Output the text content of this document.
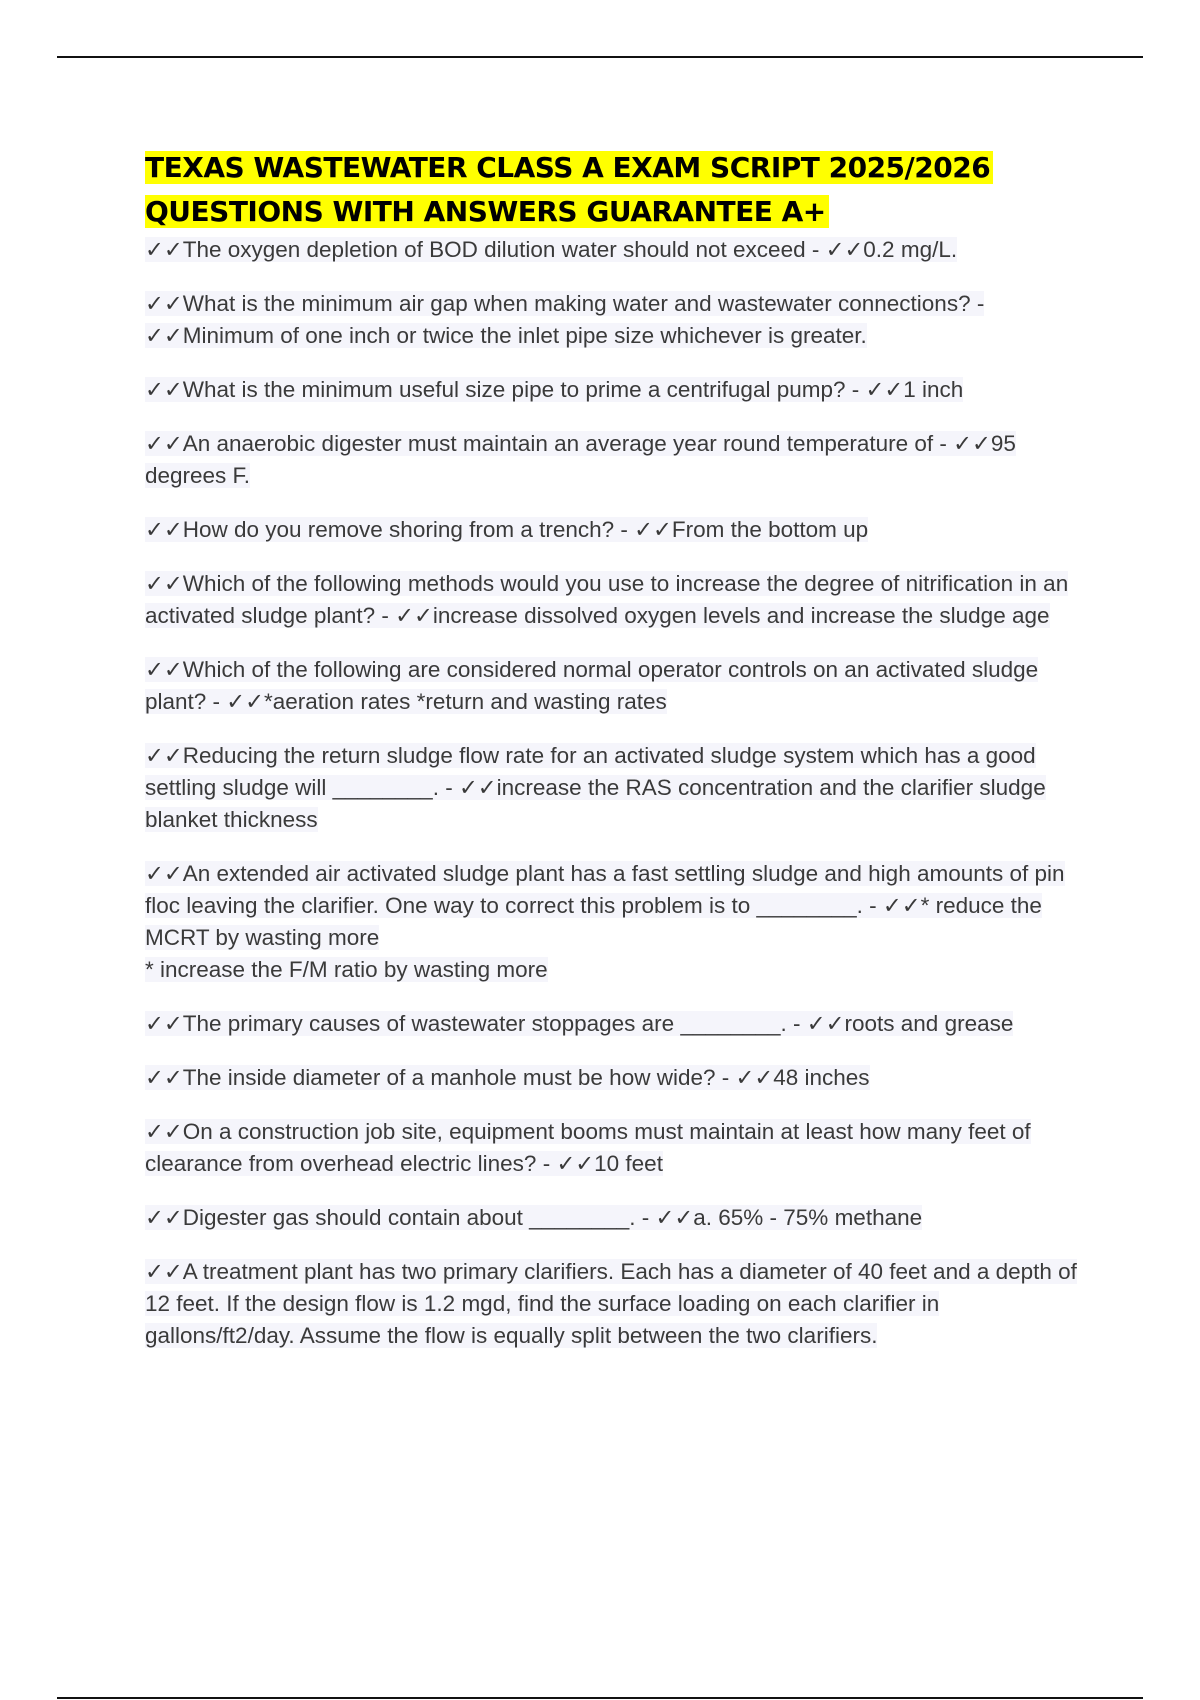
TEXAS WASTEWATER CLASS A EXAM SCRIPT 2025/2026
QUESTIONS WITH ANSWERS GUARANTEE A+
✓✓The oxygen depletion of BOD dilution water should not exceed - ✓✓0.2 mg/L.
✓✓What is the minimum air gap when making water and wastewater connections? - ✓✓Minimum of one inch or twice the inlet pipe size whichever is greater.
✓✓What is the minimum useful size pipe to prime a centrifugal pump? - ✓✓1 inch
✓✓An anaerobic digester must maintain an average year round temperature of - ✓✓95 degrees F.
✓✓How do you remove shoring from a trench? - ✓✓From the bottom up
✓✓Which of the following methods would you use to increase the degree of nitrification in an activated sludge plant? - ✓✓increase dissolved oxygen levels and increase the sludge age
✓✓Which of the following are considered normal operator controls on an activated sludge plant? - ✓✓*aeration rates *return and wasting rates
✓✓Reducing the return sludge flow rate for an activated sludge system which has a good settling sludge will ________. - ✓✓increase the RAS concentration and the clarifier sludge blanket thickness
✓✓An extended air activated sludge plant has a fast settling sludge and high amounts of pin floc leaving the clarifier. One way to correct this problem is to ________. - ✓✓* reduce the MCRT by wasting more
* increase the F/M ratio by wasting more
✓✓The primary causes of wastewater stoppages are ________. - ✓✓roots and grease
✓✓The inside diameter of a manhole must be how wide? - ✓✓48 inches
✓✓On a construction job site, equipment booms must maintain at least how many feet of clearance from overhead electric lines? - ✓✓10 feet
✓✓Digester gas should contain about ________. - ✓✓a. 65% - 75% methane
✓✓A treatment plant has two primary clarifiers. Each has a diameter of 40 feet and a depth of 12 feet. If the design flow is 1.2 mgd, find the surface loading on each clarifier in gallons/ft2/day. Assume the flow is equally split between the two clarifiers.
